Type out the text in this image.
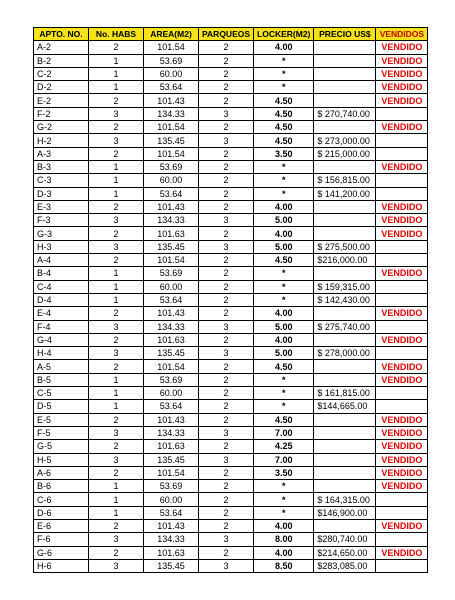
APTO. NO.	No. HABS	AREA(M2)	PARQUEOS	LOCKER(M2)	PRECIO US$	VENDIDOS
A-2	2	101.54	2	4.00		VENDIDO
B-2	1	53.69	2	*		VENDIDO
C-2	1	60.00	2	*		VENDIDO
D-2	1	53.64	2	*		VENDIDO
E-2	2	101.43	2	4.50		VENDIDO
F-2	3	134.33	3	4.50	$ 270,740.00	
G-2	2	101.54	2	4.50		VENDIDO
H-2	3	135.45	3	4.50	$ 273,000.00	
A-3	2	101.54	2	3.50	$ 215,000.00	
B-3	1	53.69	2	*		VENDIDO
C-3	1	60.00	2	*	$ 156,815.00	
D-3	1	53.64	2	*	$ 141,200.00	
E-3	2	101.43	2	4.00		VENDIDO
F-3	3	134.33	3	5.00		VENDIDO
G-3	2	101.63	2	4.00		VENDIDO
H-3	3	135.45	3	5.00	$ 275,500.00	
A-4	2	101.54	2	4.50	$216,000.00	
B-4	1	53.69	2	*		VENDIDO
C-4	1	60.00	2	*	$ 159,315.00	
D-4	1	53.64	2	*	$ 142,430.00	
E-4	2	101.43	2	4.00		VENDIDO
F-4	3	134.33	3	5.00	$ 275,740.00	
G-4	2	101.63	2	4.00		VENDIDO
H-4	3	135.45	3	5.00	$ 278,000.00	
A-5	2	101.54	2	4.50		VENDIDO
B-5	1	53.69	2	*		VENDIDO
C-5	1	60.00	2	*	$ 161,815.00	
D-5	1	53.64	2	*	$144,665.00	
E-5	2	101.43	2	4.50		VENDIDO
F-5	3	134.33	3	7.00		VENDIDO
G-5	2	101.63	2	4.25		VENDIDO
H-5	3	135.45	3	7.00		VENDIDO
A-6	2	101.54	2	3.50		VENDIDO
B-6	1	53.69	2	*		VENDIDO
C-6	1	60.00	2	*	$ 164,315.00	
D-6	1	53.64	2	*	$146,900.00	
E-6	2	101.43	2	4.00		VENDIDO
F-6	3	134.33	3	8.00	$280,740.00	
G-6	2	101.63	2	4.00	$214,650.00	VENDIDO
H-6	3	135.45	3	8.50	$283,085.00	
